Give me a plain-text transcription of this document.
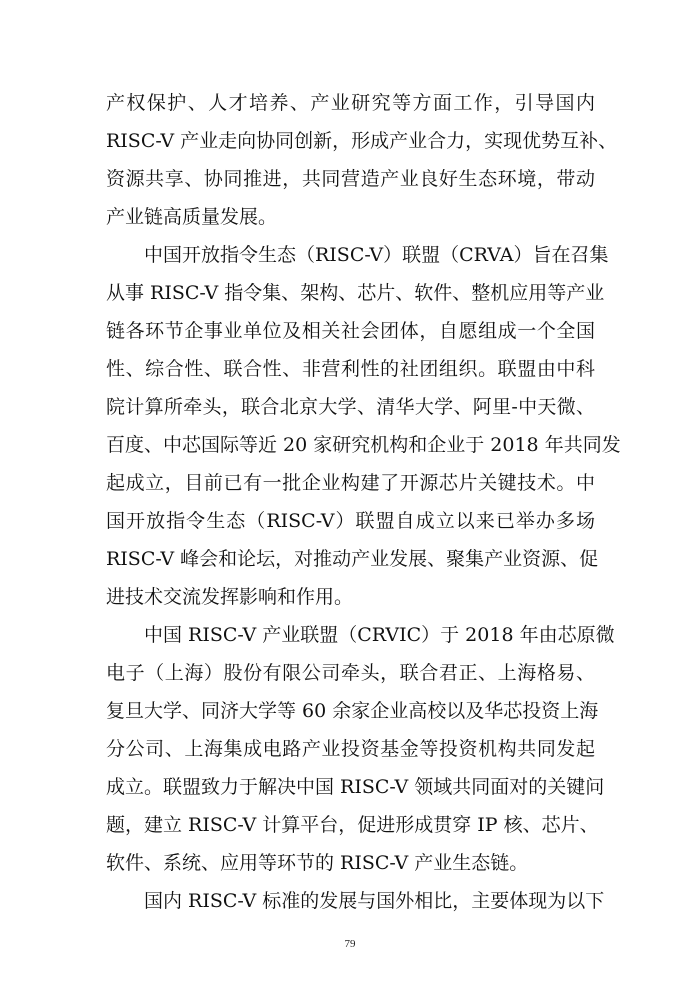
产权保护、人才培养、产业研究等方面工作，引导国内
RISC-V 产业走向协同创新，形成产业合力，实现优势互补、
资源共享、协同推进，共同营造产业良好生态环境，带动
产业链高质量发展。
中国开放指令生态（RISC-V）联盟（CRVA）旨在召集
从事 RISC-V 指令集、架构、芯片、软件、整机应用等产业
链各环节企事业单位及相关社会团体，自愿组成一个全国
性、综合性、联合性、非营利性的社团组织。联盟由中科
院计算所牵头，联合北京大学、清华大学、阿里-中天微、
百度、中芯国际等近 20 家研究机构和企业于 2018 年共同发
起成立，目前已有一批企业构建了开源芯片关键技术。中
国开放指令生态（RISC-V）联盟自成立以来已举办多场
RISC-V 峰会和论坛，对推动产业发展、聚集产业资源、促
进技术交流发挥影响和作用。
中国 RISC-V 产业联盟（CRVIC）于 2018 年由芯原微
电子（上海）股份有限公司牵头，联合君正、上海格易、
复旦大学、同济大学等 60 余家企业高校以及华芯投资上海
分公司、上海集成电路产业投资基金等投资机构共同发起
成立。联盟致力于解决中国 RISC-V 领域共同面对的关键问
题，建立 RISC-V 计算平台，促进形成贯穿 IP 核、芯片、
软件、系统、应用等环节的 RISC-V 产业生态链。
国内 RISC-V 标准的发展与国外相比，主要体现为以下
79
